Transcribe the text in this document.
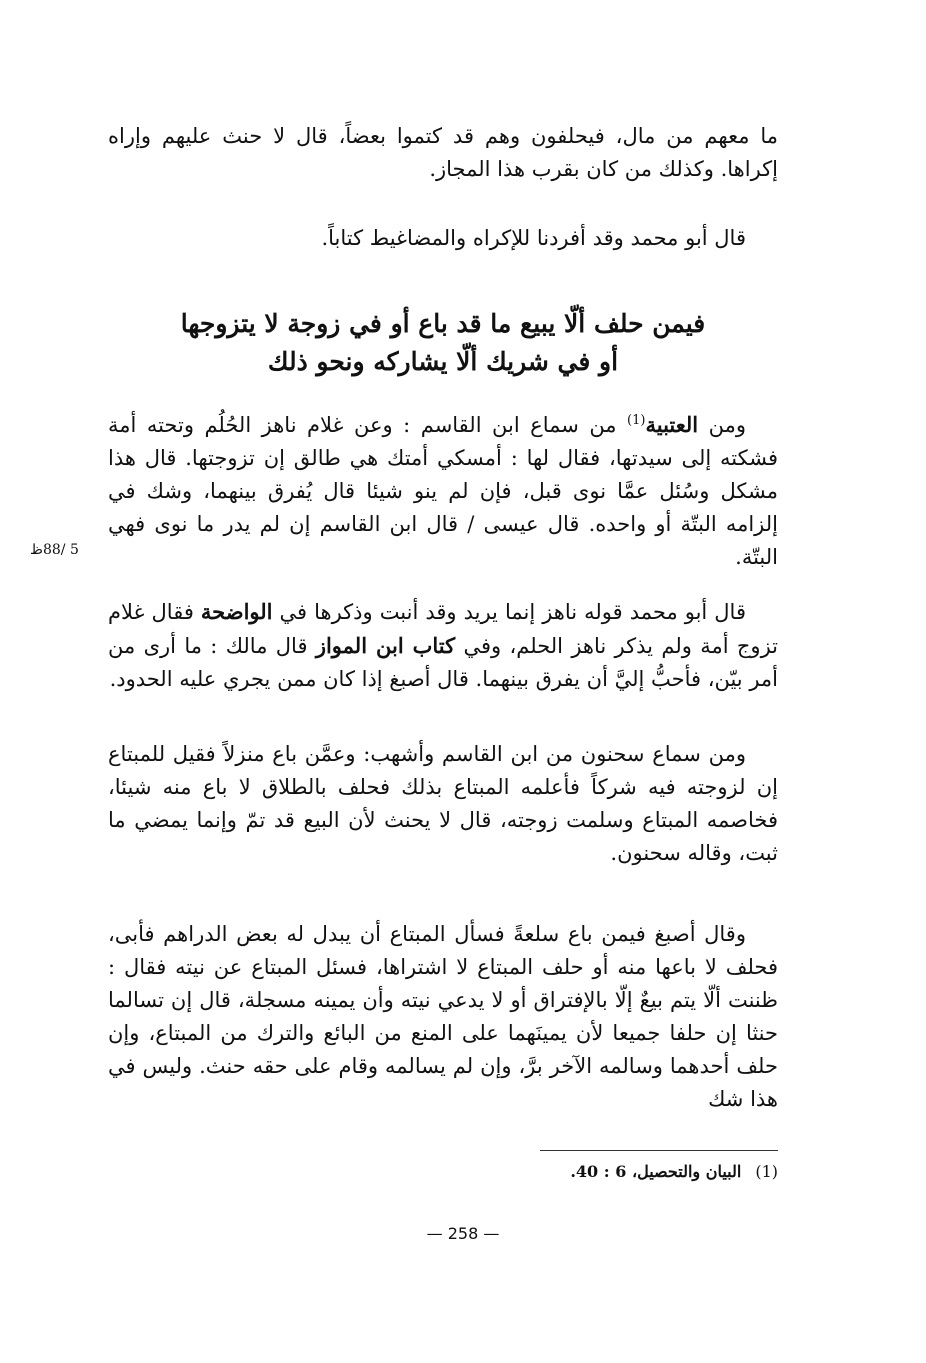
ما معهم من مال، فيحلفون وهم قد كتموا بعضاً، قال لا حنث عليهم وإراه إكراها. وكذلك من كان بقرب هذا المجاز.

قال أبو محمد وقد أفردنا للإكراه والمضاغيط كتاباً.

فيمن حلف ألّا يبيع ما قد باع أو في زوجة لا يتزوجها
أو في شريك ألّا يشاركه ونحو ذلك

ومن العتبية$^{(1)}$ من سماع ابن القاسم : وعن غلام ناهز الحُلُم وتحته أمة فشكته إلى سيدتها، فقال لها : أمسكي أمتك هي طالق إن تزوجتها. قال هذا مشكل وسُئل عمَّا نوى قبل، فإن لم ينو شيئا قال يُفرق بينهما، وشك في إلزامه البتّة أو واحده. قال عيسى / قال ابن القاسم إن لم يدر ما نوى فهي البتّة.

5 /88ظ

قال أبو محمد قوله ناهز إنما يريد وقد أنبت وذكرها في الواضحة فقال غلام تزوج أمة ولم يذكر ناهز الحلم، وفي كتاب ابن المواز قال مالك : ما أرى من أمر بيّن، فأحبُّ إليَّ أن يفرق بينهما. قال أصبغ إذا كان ممن يجري عليه الحدود.

ومن سماع سحنون من ابن القاسم وأشهب: وعمَّن باع منزلاً فقيل للمبتاع إن لزوجته فيه شركاً فأعلمه المبتاع بذلك فحلف بالطلاق لا باع منه شيئا، فخاصمه المبتاع وسلمت زوجته، قال لا يحنث لأن البيع قد تمّ وإنما يمضي ما ثبت، وقاله سحنون.

وقال أصبغ فيمن باع سلعةً فسأل المبتاع أن يبدل له بعض الدراهم فأبى، فحلف لا باعها منه أو حلف المبتاع لا اشتراها، فسئل المبتاع عن نيته فقال : ظننت ألّا يتم بيعٌ إلّا بالإفتراق أو لا يدعي نيته وأن يمينه مسجلة، قال إن تسالما حنثا إن حلفا جميعا لأن يمينَهما على المنع من البائع والترك من المبتاع، وإن حلف أحدهما وسالمه الآخر برَّ، وإن لم يسالمه وقام على حقه حنث. وليس في هذا شك

(1)البيان والتحصيل، 6 : 40.
— 258 —
